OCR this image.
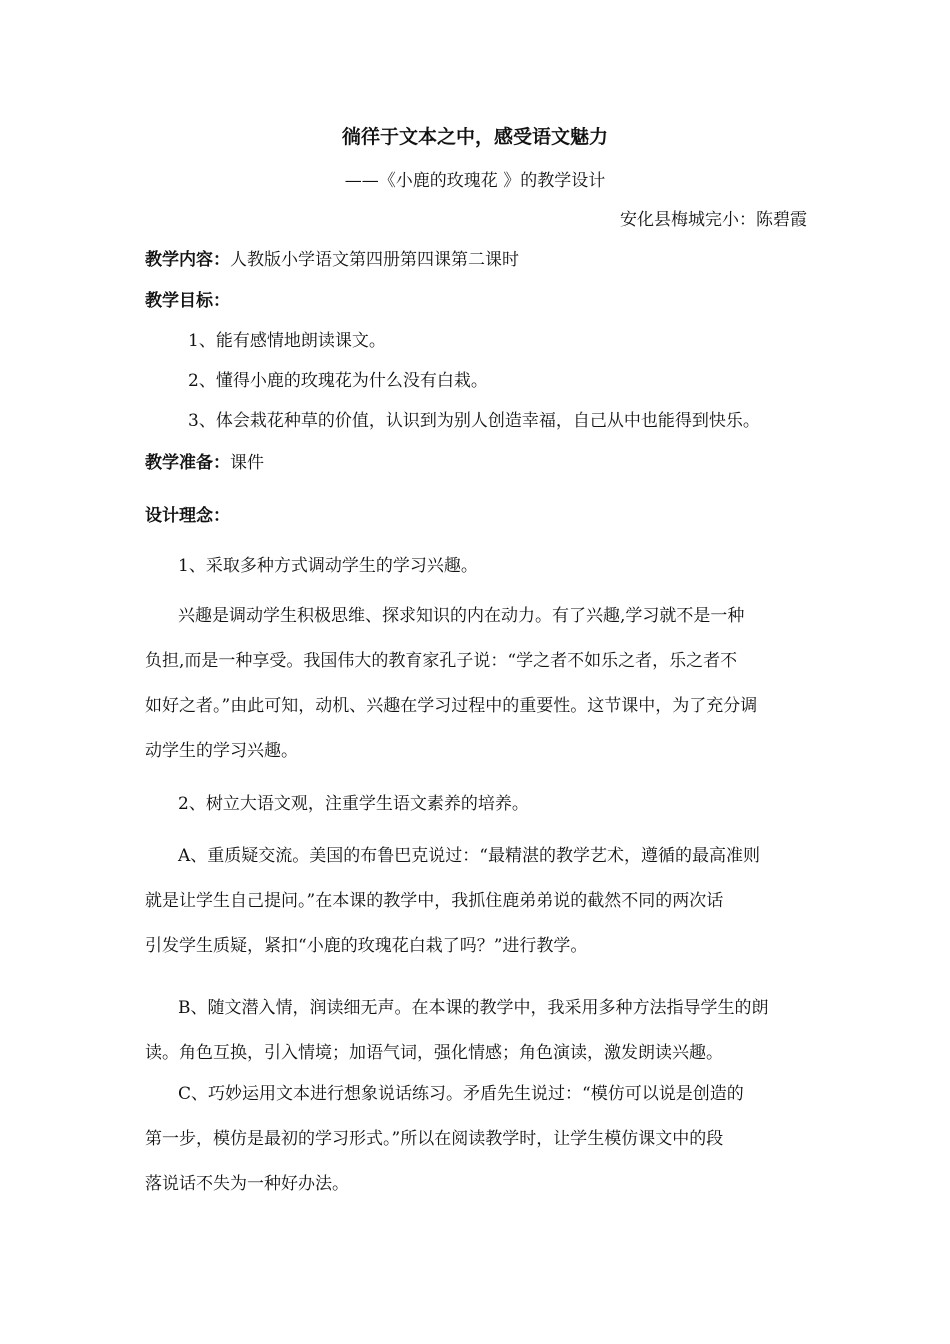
徜徉于文本之中，感受语文魅力
——《小鹿的玫瑰花 》的教学设计
安化县梅城完小：陈碧霞
教学内容：人教版小学语文第四册第四课第二课时
教学目标：
1、能有感情地朗读课文。
2、懂得小鹿的玫瑰花为什么没有白栽。
3、体会栽花种草的价值，认识到为别人创造幸福，自己从中也能得到快乐。
教学准备：课件
设计理念：
1、采取多种方式调动学生的学习兴趣。
兴趣是调动学生积极思维、探求知识的内在动力。有了兴趣,学习就不是一种
负担,而是一种享受。我国伟大的教育家孔子说：“学之者不如乐之者，乐之者不
如好之者。”由此可知，动机、兴趣在学习过程中的重要性。这节课中，为了充分调
动学生的学习兴趣。
2、树立大语文观，注重学生语文素养的培养。
A、重质疑交流。美国的布鲁巴克说过：“最精湛的教学艺术，遵循的最高准则
就是让学生自己提问。”在本课的教学中，我抓住鹿弟弟说的截然不同的两次话
引发学生质疑，紧扣“小鹿的玫瑰花白栽了吗？”进行教学。
B、随文潜入情，润读细无声。在本课的教学中，我采用多种方法指导学生的朗
读。角色互换，引入情境；加语气词，强化情感；角色演读，激发朗读兴趣。
C、巧妙运用文本进行想象说话练习。矛盾先生说过：“模仿可以说是创造的
第一步，模仿是最初的学习形式。”所以在阅读教学时，让学生模仿课文中的段
落说话不失为一种好办法。
